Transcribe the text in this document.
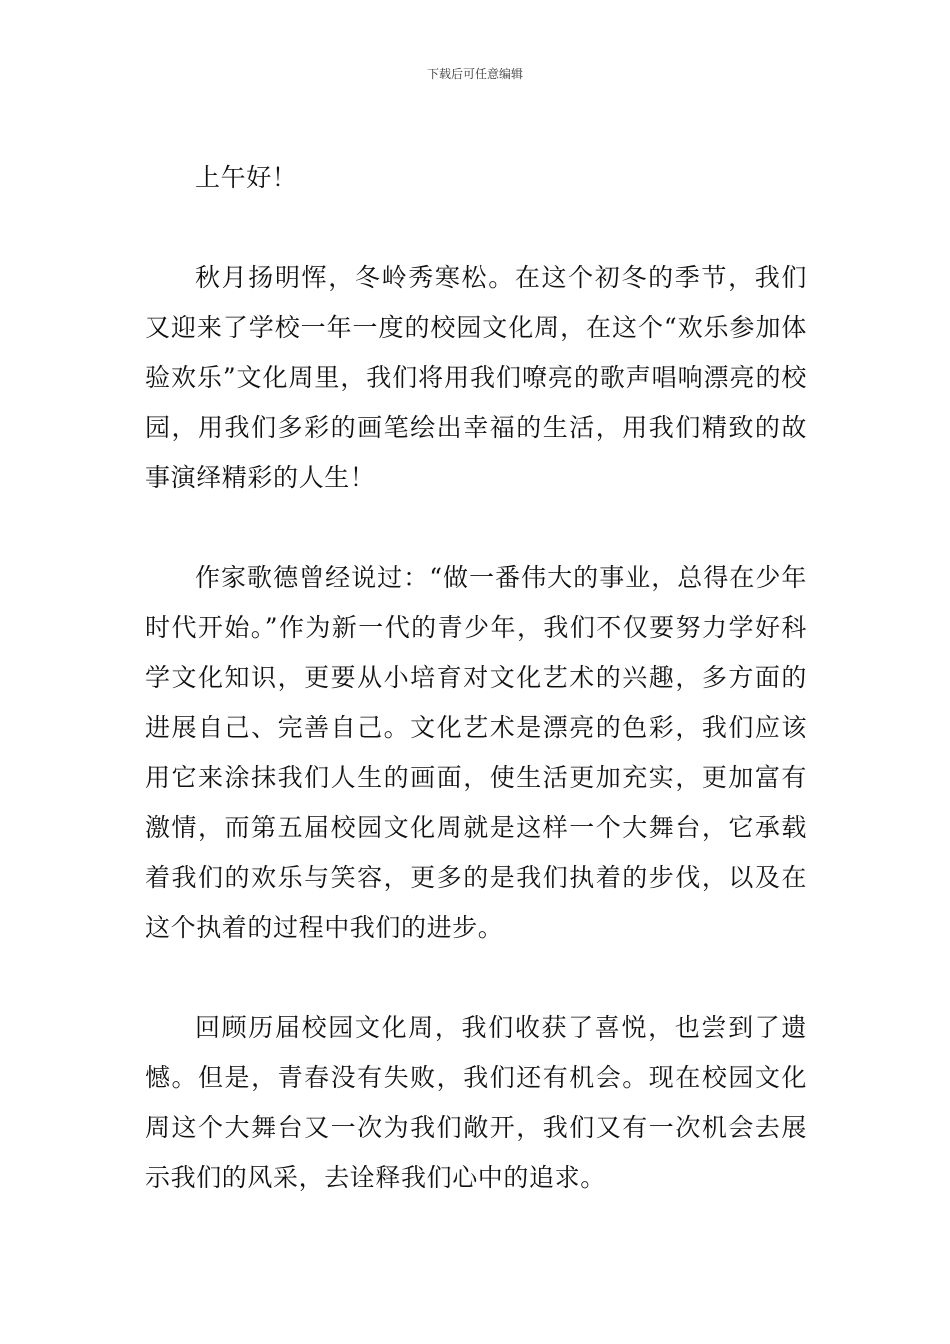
下载后可任意编辑

上午好！

秋月扬明恽，冬岭秀寒松。在这个初冬的季节，我们又迎来了学校一年一度的校园文化周，在这个“欢乐参加体验欢乐”文化周里，我们将用我们嘹亮的歌声唱响漂亮的校园，用我们多彩的画笔绘出幸福的生活，用我们精致的故事演绎精彩的人生！

作家歌德曾经说过：“做一番伟大的事业，总得在少年时代开始。”作为新一代的青少年，我们不仅要努力学好科学文化知识，更要从小培育对文化艺术的兴趣，多方面的进展自己、完善自己。文化艺术是漂亮的色彩，我们应该用它来涂抹我们人生的画面，使生活更加充实，更加富有激情，而第五届校园文化周就是这样一个大舞台，它承载着我们的欢乐与笑容，更多的是我们执着的步伐，以及在这个执着的过程中我们的进步。

回顾历届校园文化周，我们收获了喜悦，也尝到了遗憾。但是，青春没有失败，我们还有机会。现在校园文化周这个大舞台又一次为我们敞开，我们又有一次机会去展示我们的风采，去诠释我们心中的追求。
